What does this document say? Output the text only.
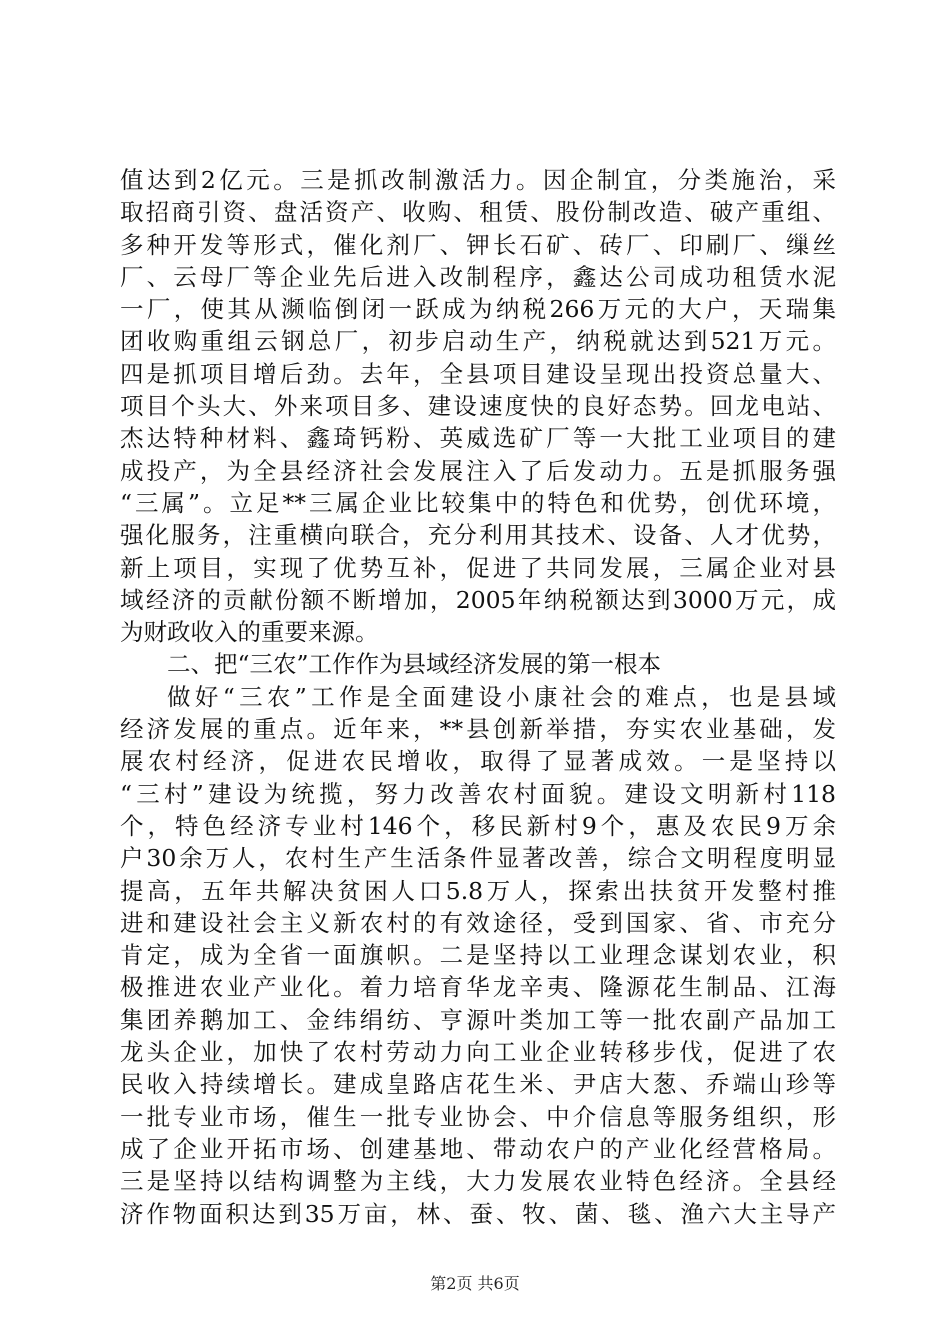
值达到2亿元。三是抓改制激活力。因企制宜，分类施治，采
取招商引资、盘活资产、收购、租赁、股份制改造、破产重组、
多种开发等形式，催化剂厂、钾长石矿、砖厂、印刷厂、缫丝
厂、云母厂等企业先后进入改制程序，鑫达公司成功租赁水泥
一厂，使其从濒临倒闭一跃成为纳税266万元的大户，天瑞集
团收购重组云钢总厂，初步启动生产，纳税就达到521万元。
四是抓项目增后劲。去年，全县项目建设呈现出投资总量大、
项目个头大、外来项目多、建设速度快的良好态势。回龙电站、
杰达特种材料、鑫琦钙粉、英威选矿厂等一大批工业项目的建
成投产，为全县经济社会发展注入了后发动力。五是抓服务强
“三属”。立足**三属企业比较集中的特色和优势，创优环境，
强化服务，注重横向联合，充分利用其技术、设备、人才优势，
新上项目，实现了优势互补，促进了共同发展，三属企业对县
域经济的贡献份额不断增加，2005年纳税额达到3000万元，成
为财政收入的重要来源。
二、把“三农”工作作为县域经济发展的第一根本
做好“三农”工作是全面建设小康社会的难点，也是县域
经济发展的重点。近年来，**县创新举措，夯实农业基础，发
展农村经济，促进农民增收，取得了显著成效。一是坚持以
“三村”建设为统揽，努力改善农村面貌。建设文明新村118
个，特色经济专业村146个，移民新村9个，惠及农民9万余
户30余万人，农村生产生活条件显著改善，综合文明程度明显
提高，五年共解决贫困人口5.8万人，探索出扶贫开发整村推
进和建设社会主义新农村的有效途径，受到国家、省、市充分
肯定，成为全省一面旗帜。二是坚持以工业理念谋划农业，积
极推进农业产业化。着力培育华龙辛夷、隆源花生制品、江海
集团养鹅加工、金纬绢纺、亨源叶类加工等一批农副产品加工
龙头企业，加快了农村劳动力向工业企业转移步伐，促进了农
民收入持续增长。建成皇路店花生米、尹店大葱、乔端山珍等
一批专业市场，催生一批专业协会、中介信息等服务组织，形
成了企业开拓市场、创建基地、带动农户的产业化经营格局。
三是坚持以结构调整为主线，大力发展农业特色经济。全县经
济作物面积达到35万亩，林、蚕、牧、菌、毯、渔六大主导产
第2页 共6页
